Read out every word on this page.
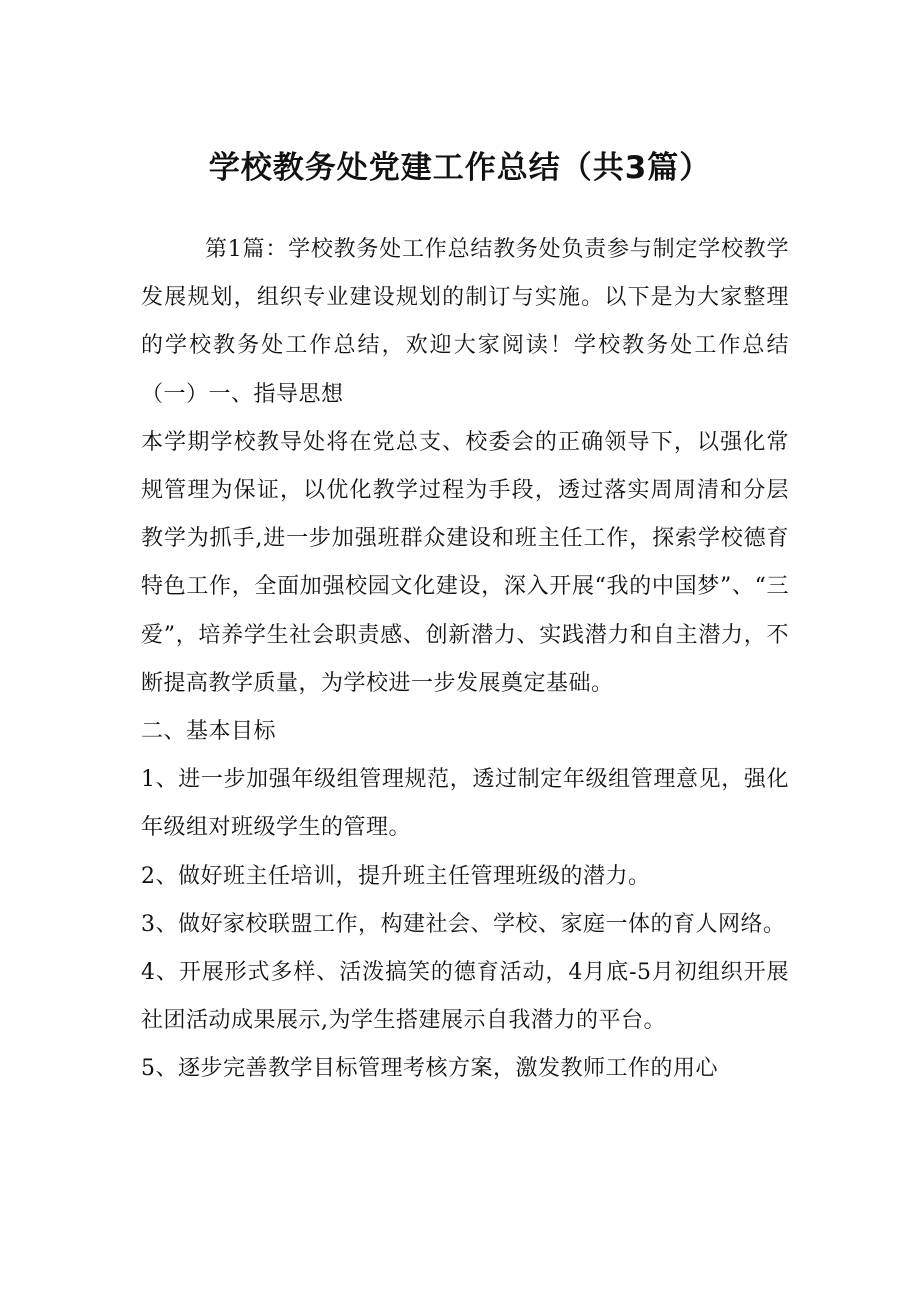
学校教务处党建工作总结（共3篇）

第1篇：学校教务处工作总结教务处负责参与制定学校教学发展规划，组织专业建设规划的制订与实施。以下是为大家整理的学校教务处工作总结，欢迎大家阅读！学校教务处工作总结（一）一、指导思想

本学期学校教导处将在党总支、校委会的正确领导下，以强化常规管理为保证，以优化教学过程为手段，透过落实周周清和分层教学为抓手,进一步加强班群众建设和班主任工作，探索学校德育特色工作，全面加强校园文化建设，深入开展“我的中国梦”、“三爱”，培养学生社会职责感、创新潜力、实践潜力和自主潜力，不断提高教学质量，为学校进一步发展奠定基础。

二、基本目标

1、进一步加强年级组管理规范，透过制定年级组管理意见，强化年级组对班级学生的管理。

2、做好班主任培训，提升班主任管理班级的潜力。

3、做好家校联盟工作，构建社会、学校、家庭一体的育人网络。

4、开展形式多样、活泼搞笑的德育活动，4月底-5月初组织开展社团活动成果展示,为学生搭建展示自我潜力的平台。

5、逐步完善教学目标管理考核方案，激发教师工作的用心
